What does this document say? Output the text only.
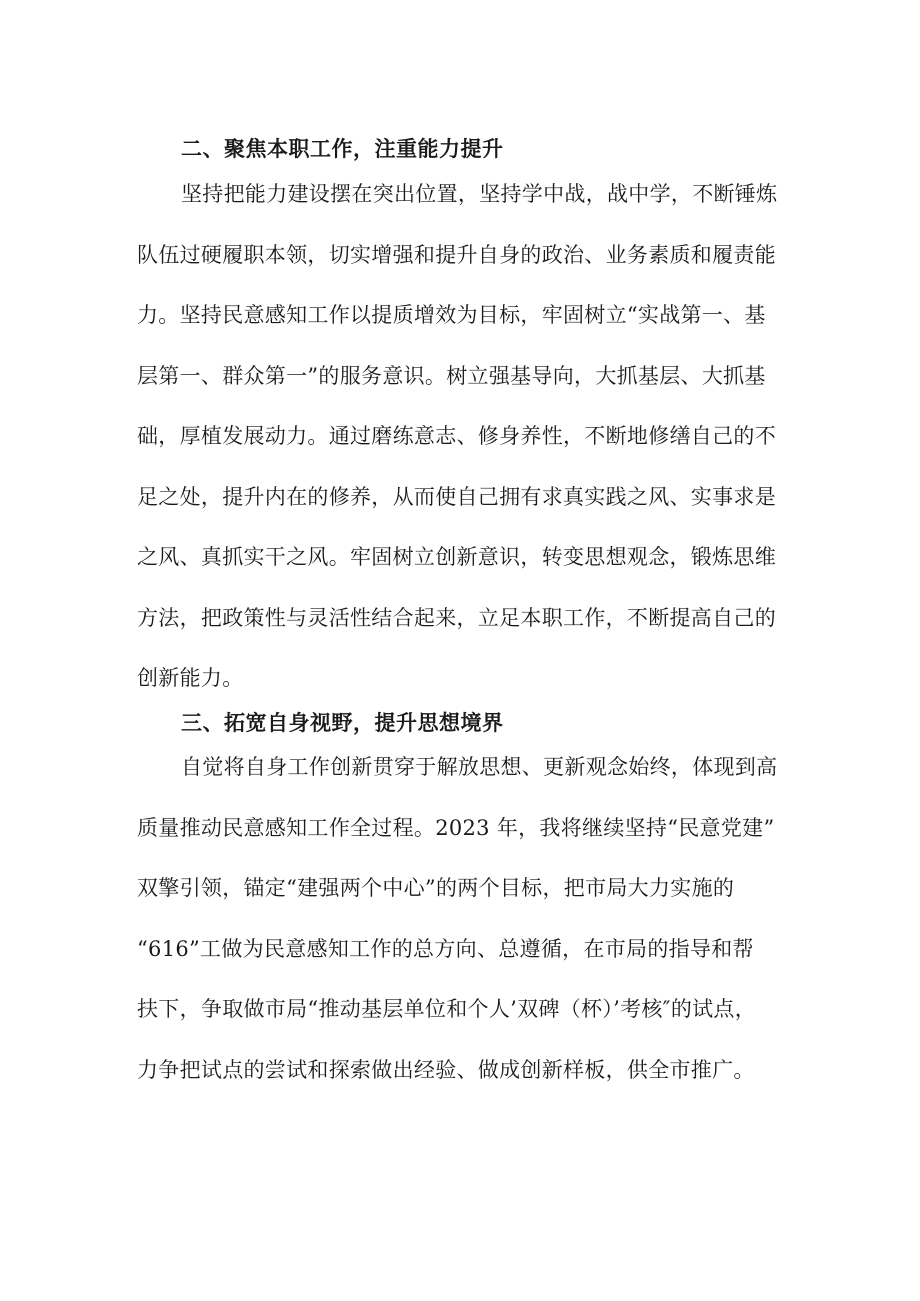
二、聚焦本职工作，注重能力提升
坚持把能力建设摆在突出位置，坚持学中战，战中学，不断锤炼
队伍过硬履职本领，切实增强和提升自身的政治、业务素质和履责能
力。坚持民意感知工作以提质增效为目标，牢固树立“实战第一、基
层第一、群众第一”的服务意识。树立强基导向，大抓基层、大抓基
础，厚植发展动力。通过磨练意志、修身养性，不断地修缮自己的不
足之处，提升内在的修养，从而使自己拥有求真实践之风、实事求是
之风、真抓实干之风。牢固树立创新意识，转变思想观念，锻炼思维
方法，把政策性与灵活性结合起来，立足本职工作，不断提高自己的
创新能力。
三、拓宽自身视野，提升思想境界
自觉将自身工作创新贯穿于解放思想、更新观念始终，体现到高
质量推动民意感知工作全过程。2023 年，我将继续坚持“民意党建”
双擎引领，锚定“建强两个中心”的两个目标，把市局大力实施的
“616”工做为民意感知工作的总方向、总遵循，在市局的指导和帮
扶下，争取做市局“推动基层单位和个人’双碑（杯）’考核″的试点，
力争把试点的尝试和探索做出经验、做成创新样板，供全市推广。
